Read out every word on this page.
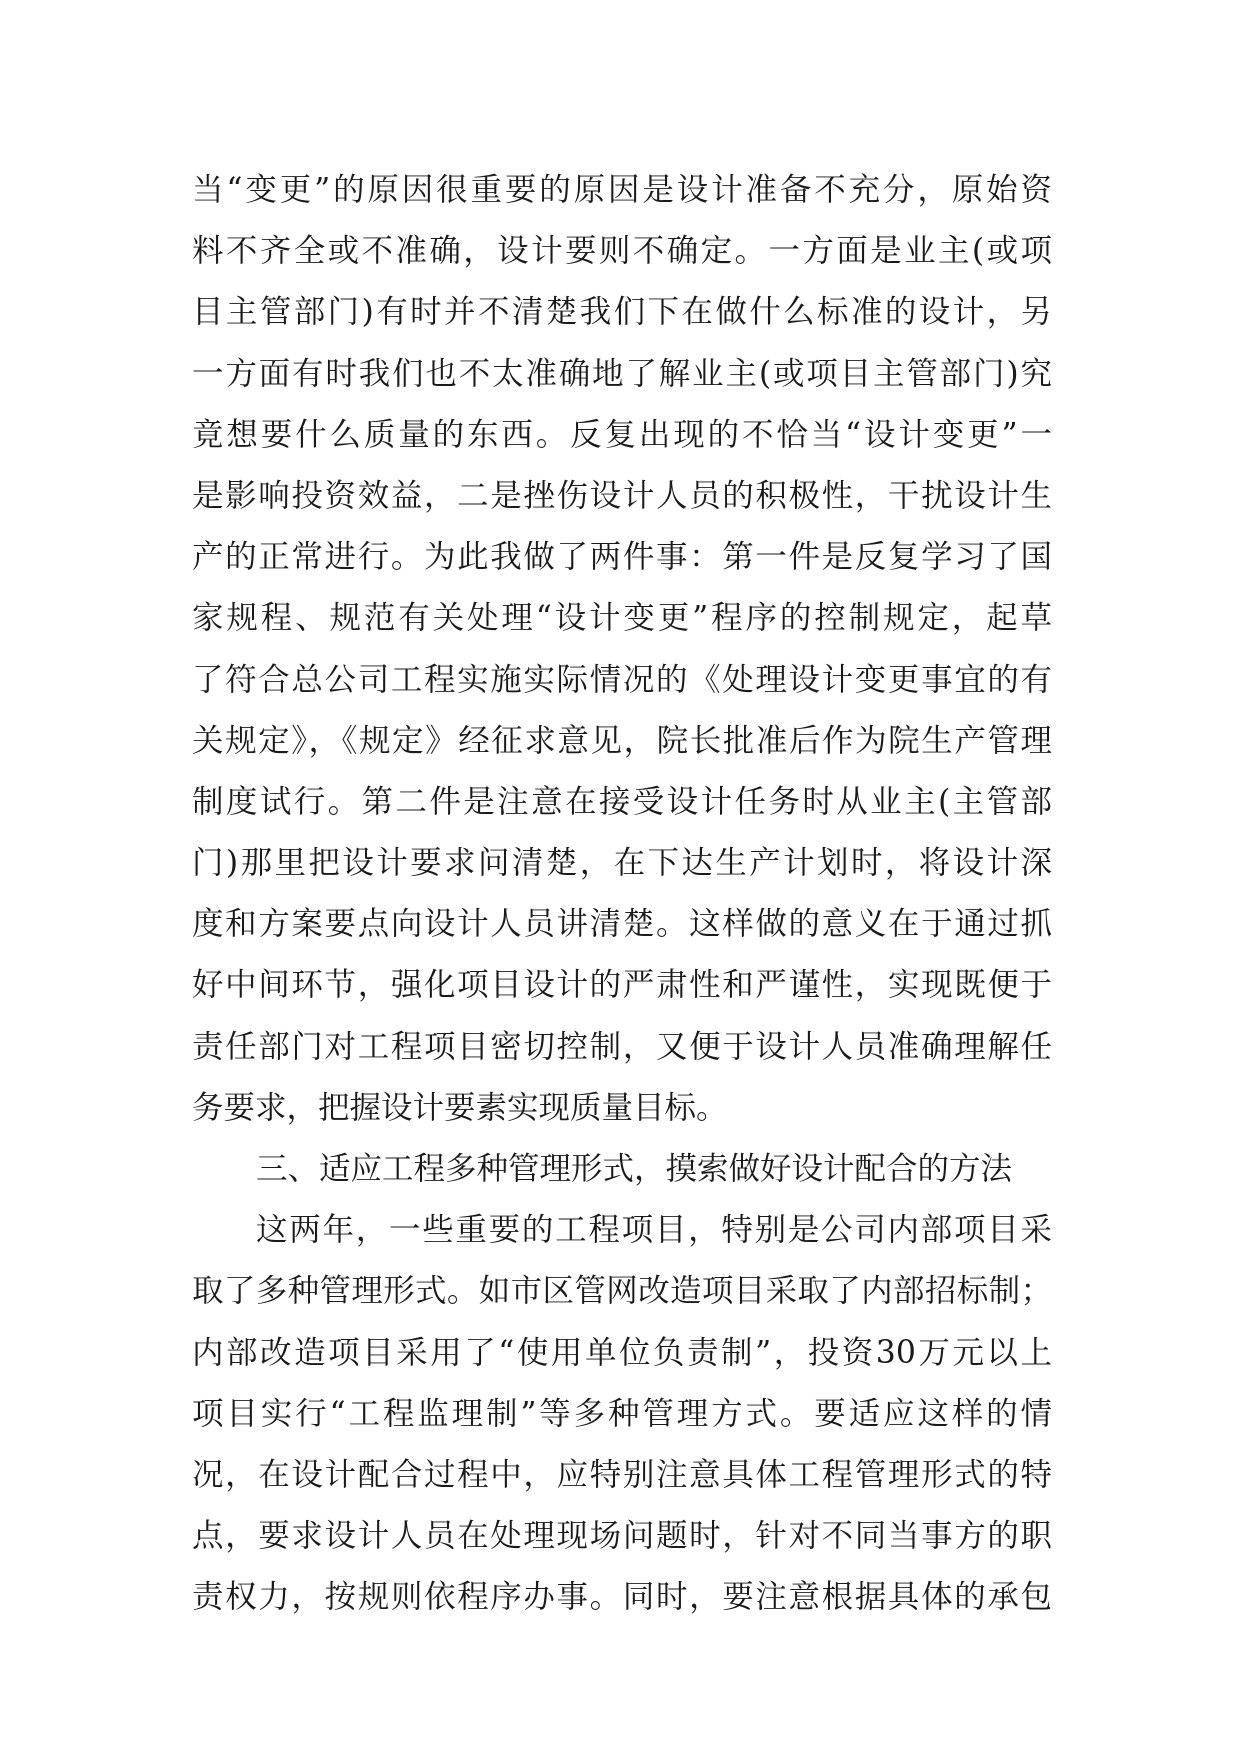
当“变更”的原因很重要的原因是设计准备不充分，原始资
料不齐全或不准确，设计要则不确定。一方面是业主(或项
目主管部门)有时并不清楚我们下在做什么标准的设计，另
一方面有时我们也不太准确地了解业主(或项目主管部门)究
竟想要什么质量的东西。反复出现的不恰当“设计变更”一
是影响投资效益，二是挫伤设计人员的积极性，干扰设计生
产的正常进行。为此我做了两件事：第一件是反复学习了国
家规程、规范有关处理“设计变更”程序的控制规定，起草
了符合总公司工程实施实际情况的《处理设计变更事宜的有
关规定》，《规定》经征求意见，院长批准后作为院生产管理
制度试行。第二件是注意在接受设计任务时从业主(主管部
门)那里把设计要求问清楚，在下达生产计划时，将设计深
度和方案要点向设计人员讲清楚。这样做的意义在于通过抓
好中间环节，强化项目设计的严肃性和严谨性，实现既便于
责任部门对工程项目密切控制，又便于设计人员准确理解任
务要求，把握设计要素实现质量目标。
三、适应工程多种管理形式，摸索做好设计配合的方法
这两年，一些重要的工程项目，特别是公司内部项目采
取了多种管理形式。如市区管网改造项目采取了内部招标制；
内部改造项目采用了“使用单位负责制”，投资30万元以上
项目实行“工程监理制”等多种管理方式。要适应这样的情
况，在设计配合过程中，应特别注意具体工程管理形式的特
点，要求设计人员在处理现场问题时，针对不同当事方的职
责权力，按规则依程序办事。同时，要注意根据具体的承包
